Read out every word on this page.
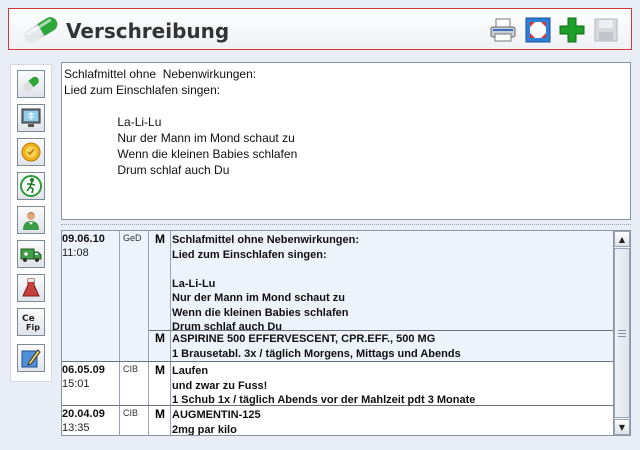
Verschreibung
Ce
Fip
Schlafmittel ohne  Nebenwirkungen:
Lied zum Einschlafen singen:

		La-Li-Lu
		Nur der Mann im Mond schaut zu
		Wenn die kleinen Babies schlafen
		Drum schlaf auch Du
09.06.10
11:08
GeD	M Schlafmittel ohne Nebenwirkungen:
Lied zum Einschlafen singen:

La-Li-Lu
Nur der Mann im Mond schaut zu
Wenn die kleinen Babies schlafen
Drum schlaf auch Du
M ASPIRINE 500 EFFERVESCENT, CPR.EFF., 500 MG
1 Brausetabl. 3x / täglich Morgens, Mittags und Abends
06.05.09
15:01
CIB	M Laufen
und zwar zu Fuss!
1 Schub 1x / täglich Abends vor der Mahlzeit pdt 3 Monate
20.04.09
13:35
CIB	M AUGMENTIN-125
2mg par kilo
▲
▼
